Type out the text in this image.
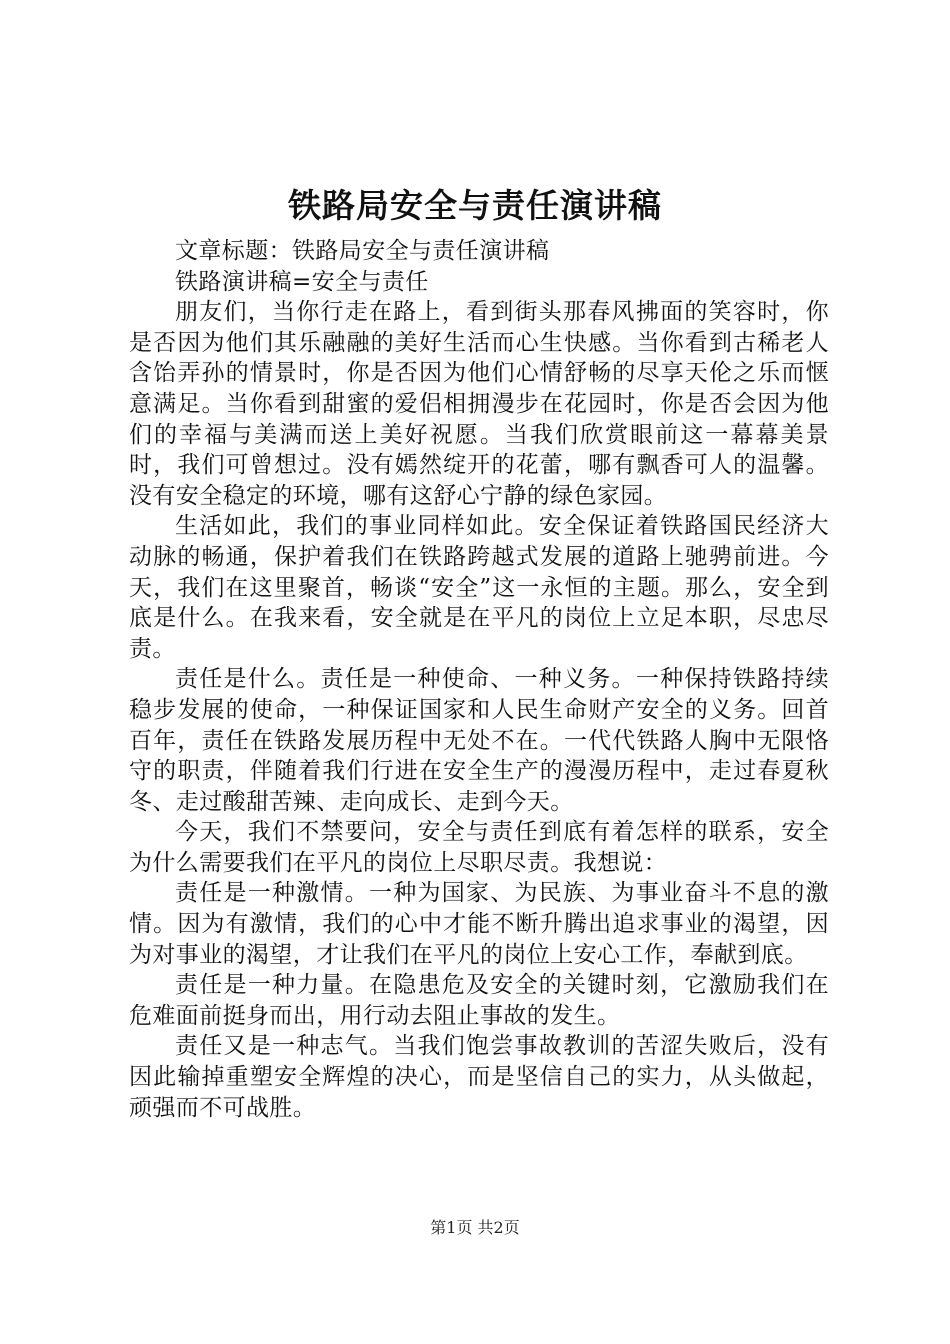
铁路局安全与责任演讲稿

文章标题：铁路局安全与责任演讲稿

铁路演讲稿=安全与责任

朋友们，当你行走在路上，看到街头那春风拂面的笑容时，你是否因为他们其乐融融的美好生活而心生快感。当你看到古稀老人含饴弄孙的情景时，你是否因为他们心情舒畅的尽享天伦之乐而惬意满足。当你看到甜蜜的爱侣相拥漫步在花园时，你是否会因为他们的幸福与美满而送上美好祝愿。当我们欣赏眼前这一幕幕美景时，我们可曾想过。没有嫣然绽开的花蕾，哪有飘香可人的温馨。没有安全稳定的环境，哪有这舒心宁静的绿色家园。

生活如此，我们的事业同样如此。安全保证着铁路国民经济大动脉的畅通，保护着我们在铁路跨越式发展的道路上驰骋前进。今天，我们在这里聚首，畅谈“安全”这一永恒的主题。那么，安全到底是什么。在我来看，安全就是在平凡的岗位上立足本职，尽忠尽责。

责任是什么。责任是一种使命、一种义务。一种保持铁路持续稳步发展的使命，一种保证国家和人民生命财产安全的义务。回首百年，责任在铁路发展历程中无处不在。一代代铁路人胸中无限恪守的职责，伴随着我们行进在安全生产的漫漫历程中，走过春夏秋冬、走过酸甜苦辣、走向成长、走到今天。

今天，我们不禁要问，安全与责任到底有着怎样的联系，安全为什么需要我们在平凡的岗位上尽职尽责。我想说：

责任是一种激情。一种为国家、为民族、为事业奋斗不息的激情。因为有激情，我们的心中才能不断升腾出追求事业的渴望，因为对事业的渴望，才让我们在平凡的岗位上安心工作，奉献到底。

责任是一种力量。在隐患危及安全的关键时刻，它激励我们在危难面前挺身而出，用行动去阻止事故的发生。

责任又是一种志气。当我们饱尝事故教训的苦涩失败后，没有因此输掉重塑安全辉煌的决心，而是坚信自己的实力，从头做起，顽强而不可战胜。

第1页 共2页
